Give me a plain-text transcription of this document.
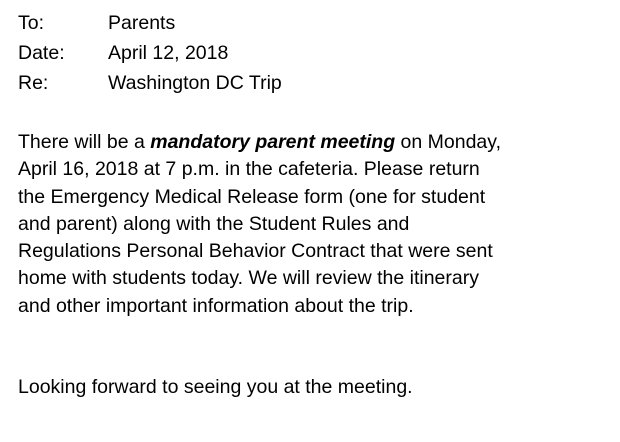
To:	Parents
Date:	April 12, 2018
Re:	Washington DC Trip

There will be a mandatory parent meeting on Monday,
April 16, 2018 at 7 p.m. in the cafeteria. Please return
the Emergency Medical Release form (one for student
and parent) along with the Student Rules and
Regulations Personal Behavior Contract that were sent
home with students today. We will review the itinerary
and other important information about the trip.

Looking forward to seeing you at the meeting.
